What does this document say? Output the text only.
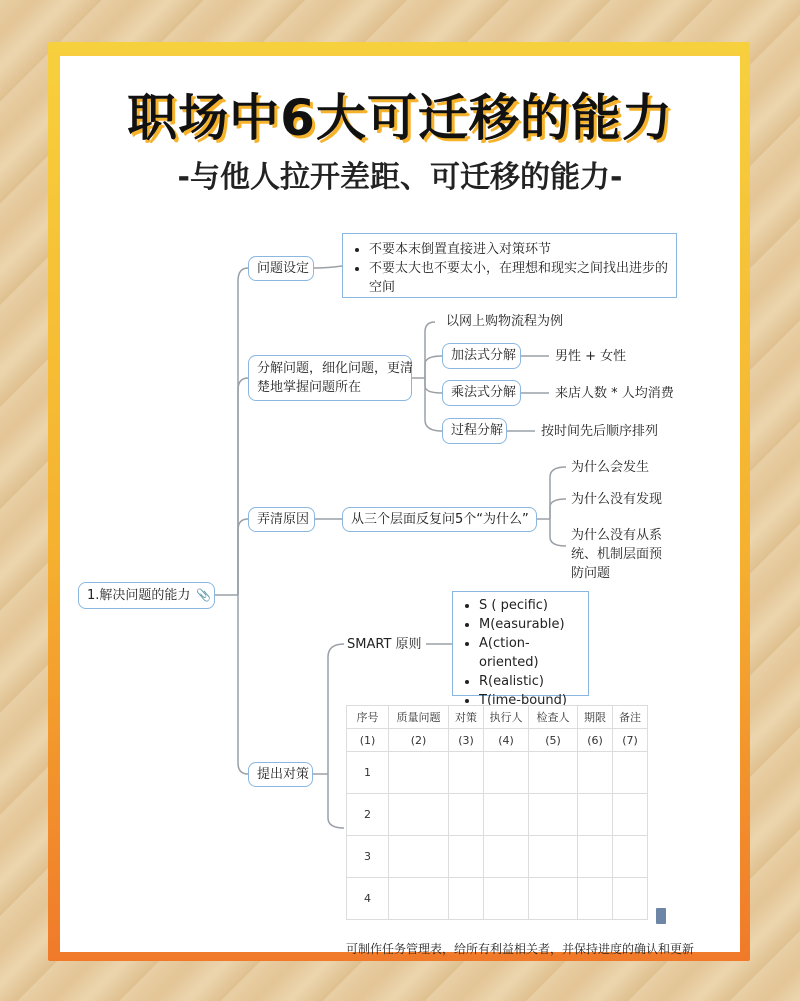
职场中6大可迁移的能力
-与他人拉开差距、可迁移的能力-
1.解决问题的能力 📎
问题设定
• 不要本末倒置直接进入对策环节
• 不要太大也不要太小，在理想和现实之间找出进步的空间
分解问题，细化问题，更清
楚地掌握问题所在
以网上购物流程为例
加法式分解	男性 + 女性
乘法式分解	来店人数 * 人均消费
过程分解	按时间先后顺序排列
弄清原因	从三个层面反复问5个“为什么”
为什么会发生
为什么没有发现
为什么没有从系统、机制层面预防问题
提出对策
SMART 原则
• S ( pecific)
• M(easurable)
• A(ction-oriented)
• R(ealistic)
• T(ime-bound)
序号	质量问题	对策	执行人	检查人	期限	备注
(1)	(2)	(3)	(4)	(5)	(6)	(7)
1						
2						
3						
4						
可制作任务管理表，给所有利益相关者，并保持进度的确认和更新
